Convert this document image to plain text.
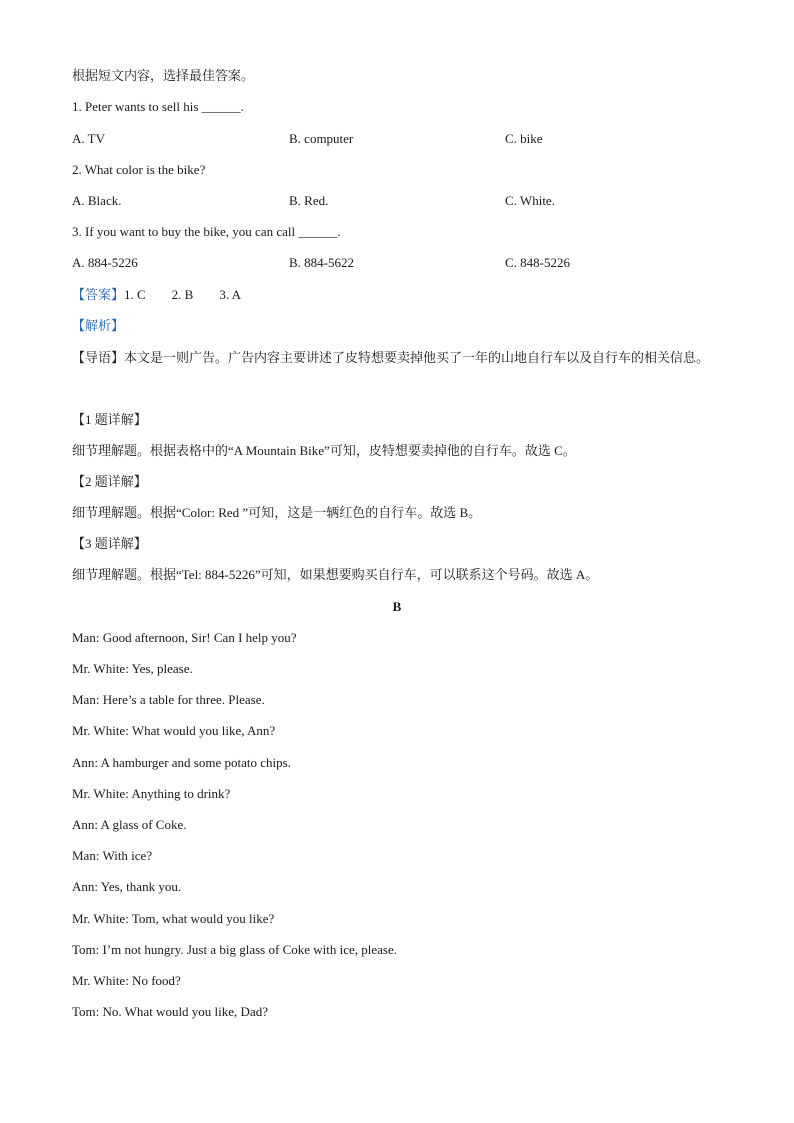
根据短文内容，选择最佳答案。
1. Peter wants to sell his ______.
A. TV	B. computer	C. bike
2. What color is the bike?
A. Black.	B. Red.	C. White.
3. If you want to buy the bike, you can call ______.
A. 884-5226	B. 884-5622	C. 848-5226
【答案】1. C        2. B        3. A
【解析】
【导语】本文是一则广告。广告内容主要讲述了皮特想要卖掉他买了一年的山地自行车以及自行车的相关信息。
【1 题详解】
细节理解题。根据表格中的“A Mountain Bike”可知，皮特想要卖掉他的自行车。故选 C。
【2 题详解】
细节理解题。根据“Color: Red ”可知，这是一辆红色的自行车。故选 B。
【3 题详解】
细节理解题。根据“Tel: 884-5226”可知，如果想要购买自行车，可以联系这个号码。故选 A。
B
Man: Good afternoon, Sir! Can I help you?
Mr. White: Yes, please.
Man: Here’s a table for three. Please.
Mr. White: What would you like, Ann?
Ann: A hamburger and some potato chips.
Mr. White: Anything to drink?
Ann: A glass of Coke.
Man: With ice?
Ann: Yes, thank you.
Mr. White: Tom, what would you like?
Tom: I’m not hungry. Just a big glass of Coke with ice, please.
Mr. White: No food?
Tom: No. What would you like, Dad?
